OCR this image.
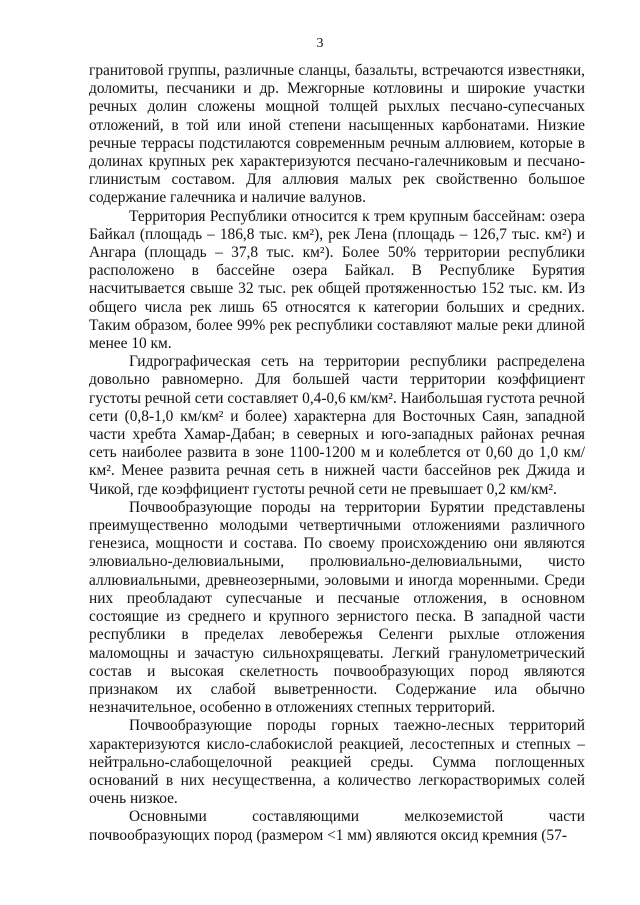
3

гранитовой группы, различные сланцы, базальты, встречаются известняки, доломиты, песчаники и др. Межгорные котловины и широкие участки речных долин сложены мощной толщей рыхлых песчано-супесчаных отложений, в той или иной степени насыщенных карбонатами. Низкие речные террасы подстилаются современным речным аллювием, которые в долинах крупных рек характеризуются песчано-галечниковым и песчано-глинистым составом. Для аллювия малых рек свойственно большое содержание галечника и наличие валунов.

Территория Республики относится к трем крупным бассейнам: озера Байкал (площадь – 186,8 тыс. км²), рек Лена (площадь – 126,7 тыс. км²) и Ангара (площадь – 37,8 тыс. км²). Более 50% территории республики расположено в бассейне озера Байкал. В Республике Бурятия насчитывается свыше 32 тыс. рек общей протяженностью 152 тыс. км. Из общего числа рек лишь 65 относятся к категории больших и средних. Таким образом, более 99% рек республики составляют малые реки длиной менее 10 км.

Гидрографическая сеть на территории республики распределена довольно равномерно. Для большей части территории коэффициент густоты речной сети составляет 0,4-0,6 км/км². Наибольшая густота речной сети (0,8-1,0 км/км² и более) характерна для Восточных Саян, западной части хребта Хамар-Дабан; в северных и юго-западных районах речная сеть наиболее развита в зоне 1100-1200 м и колеблется от 0,60 до 1,0 км/км². Менее развита речная сеть в нижней части бассейнов рек Джида и Чикой, где коэффициент густоты речной сети не превышает 0,2 км/км².

Почвообразующие породы на территории Бурятии представлены преимущественно молодыми четвертичными отложениями различного генезиса, мощности и состава. По своему происхождению они являются элювиально-делювиальными, пролювиально-делювиальными, чисто аллювиальными, древнеозерными, эоловыми и иногда моренными. Среди них преобладают супесчаные и песчаные отложения, в основном состоящие из среднего и крупного зернистого песка. В западной части республики в пределах левобережья Селенги рыхлые отложения маломощны и зачастую сильнохрящеваты. Легкий гранулометрический состав и высокая скелетность почвообразующих пород являются признаком их слабой выветренности. Содержание ила обычно незначительное, особенно в отложениях степных территорий.

Почвообразующие породы горных таежно-лесных территорий характеризуются кисло-слабокислой реакцией, лесостепных и степных – нейтрально-слабощелочной реакцией среды. Сумма поглощенных оснований в них несущественна, а количество легкорастворимых солей очень низкое.

Основными составляющими мелкоземистой части почвообразующих пород (размером <1 мм) являются оксид кремния (57-
